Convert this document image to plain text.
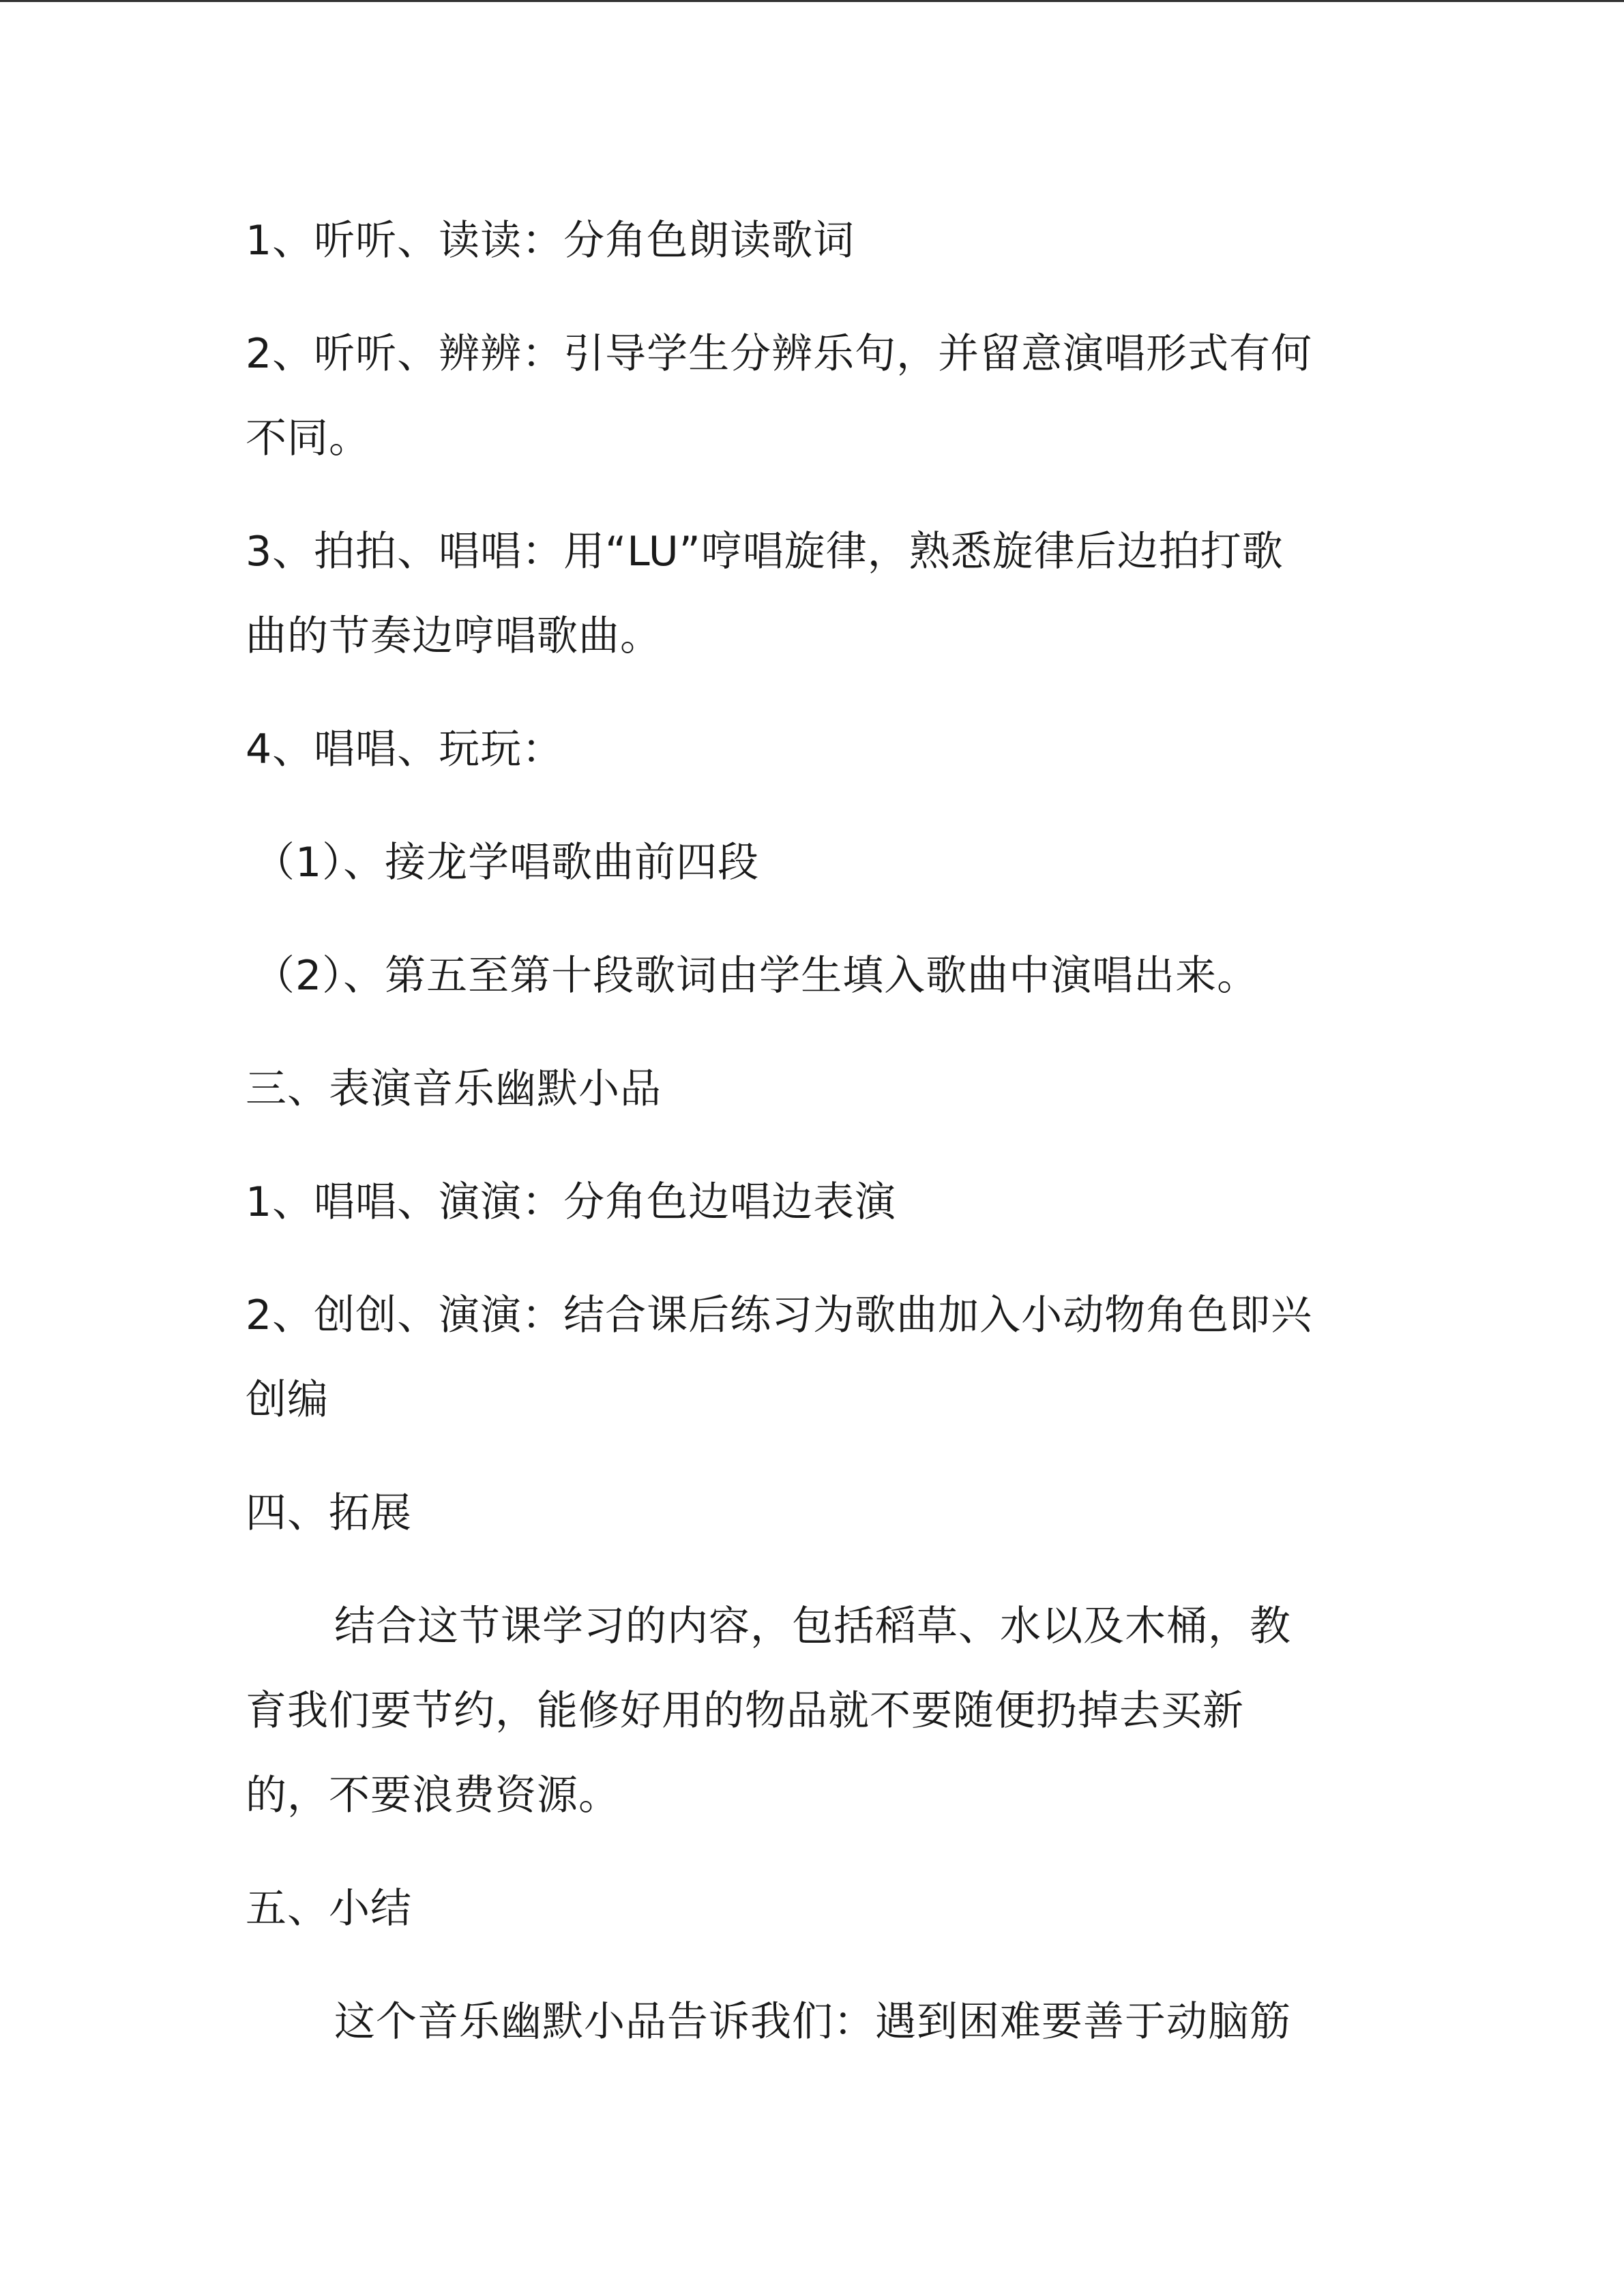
1、听听、读读：分角色朗读歌词
2、听听、辨辨：引导学生分辨乐句，并留意演唱形式有何
不同。
3、拍拍、唱唱：用“LU”哼唱旋律，熟悉旋律后边拍打歌
曲的节奏边哼唱歌曲。
4、唱唱、玩玩：
（1）、接龙学唱歌曲前四段
（2）、第五至第十段歌词由学生填入歌曲中演唱出来。
三、表演音乐幽默小品
1、唱唱、演演：分角色边唱边表演
2、创创、演演：结合课后练习为歌曲加入小动物角色即兴
创编
四、拓展
结合这节课学习的内容，包括稻草、水以及木桶，教
育我们要节约，能修好用的物品就不要随便扔掉去买新
的，不要浪费资源。
五、小结
这个音乐幽默小品告诉我们：遇到困难要善于动脑筋
